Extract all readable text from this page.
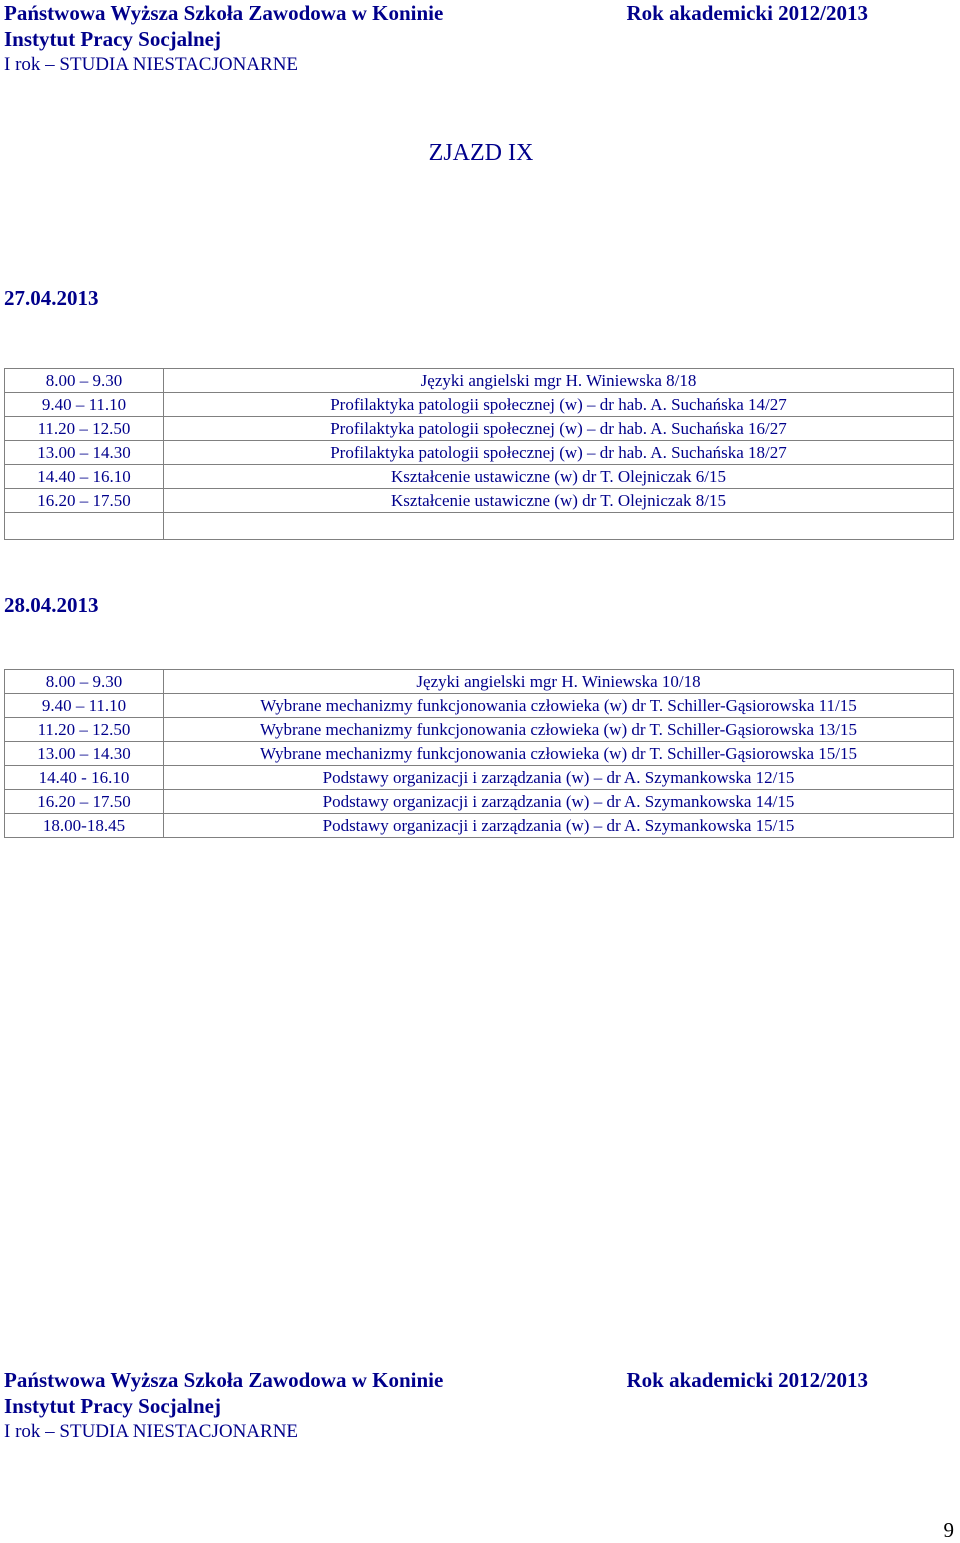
Państwowa Wyższa Szkoła Zawodowa w Koninie	Rok akademicki 2012/2013
Instytut Pracy Socjalnej
I rok – STUDIA NIESTACJONARNE
ZJAZD IX
27.04.2013
8.00 – 9.30	Języki angielski mgr H. Winiewska 8/18
9.40 – 11.10	Profilaktyka patologii społecznej (w) – dr hab. A. Suchańska 14/27
11.20 – 12.50	Profilaktyka patologii społecznej (w) – dr hab. A. Suchańska 16/27
13.00 – 14.30	Profilaktyka patologii społecznej (w) – dr hab. A. Suchańska 18/27
14.40 – 16.10	Kształcenie ustawiczne (w) dr T. Olejniczak 6/15
16.20 – 17.50	Kształcenie ustawiczne (w) dr T. Olejniczak 8/15

28.04.2013
8.00 – 9.30	Języki angielski mgr H. Winiewska 10/18
9.40 – 11.10	Wybrane mechanizmy funkcjonowania człowieka (w) dr T. Schiller-Gąsiorowska 11/15
11.20 – 12.50	Wybrane mechanizmy funkcjonowania człowieka (w) dr T. Schiller-Gąsiorowska 13/15
13.00 – 14.30	Wybrane mechanizmy funkcjonowania człowieka (w) dr T. Schiller-Gąsiorowska 15/15
14.40 - 16.10	Podstawy organizacji i zarządzania (w) – dr A. Szymankowska 12/15
16.20 – 17.50	Podstawy organizacji i zarządzania (w) – dr A. Szymankowska 14/15
18.00-18.45	Podstawy organizacji i zarządzania (w) – dr A. Szymankowska 15/15
Państwowa Wyższa Szkoła Zawodowa w Koninie	Rok akademicki 2012/2013
Instytut Pracy Socjalnej
I rok – STUDIA NIESTACJONARNE
9
